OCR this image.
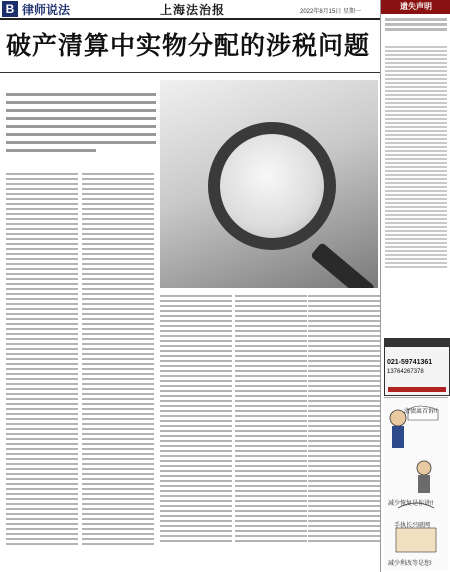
B 律师说法	上海法治报	2022年8月15日 星期一
破产清算中实物分配的涉税问题
遗失声明
021-59741361
13764267378
清债离首诉!!
减少恢复是你讲!!
手执长兴联网
减少利改等是您!
